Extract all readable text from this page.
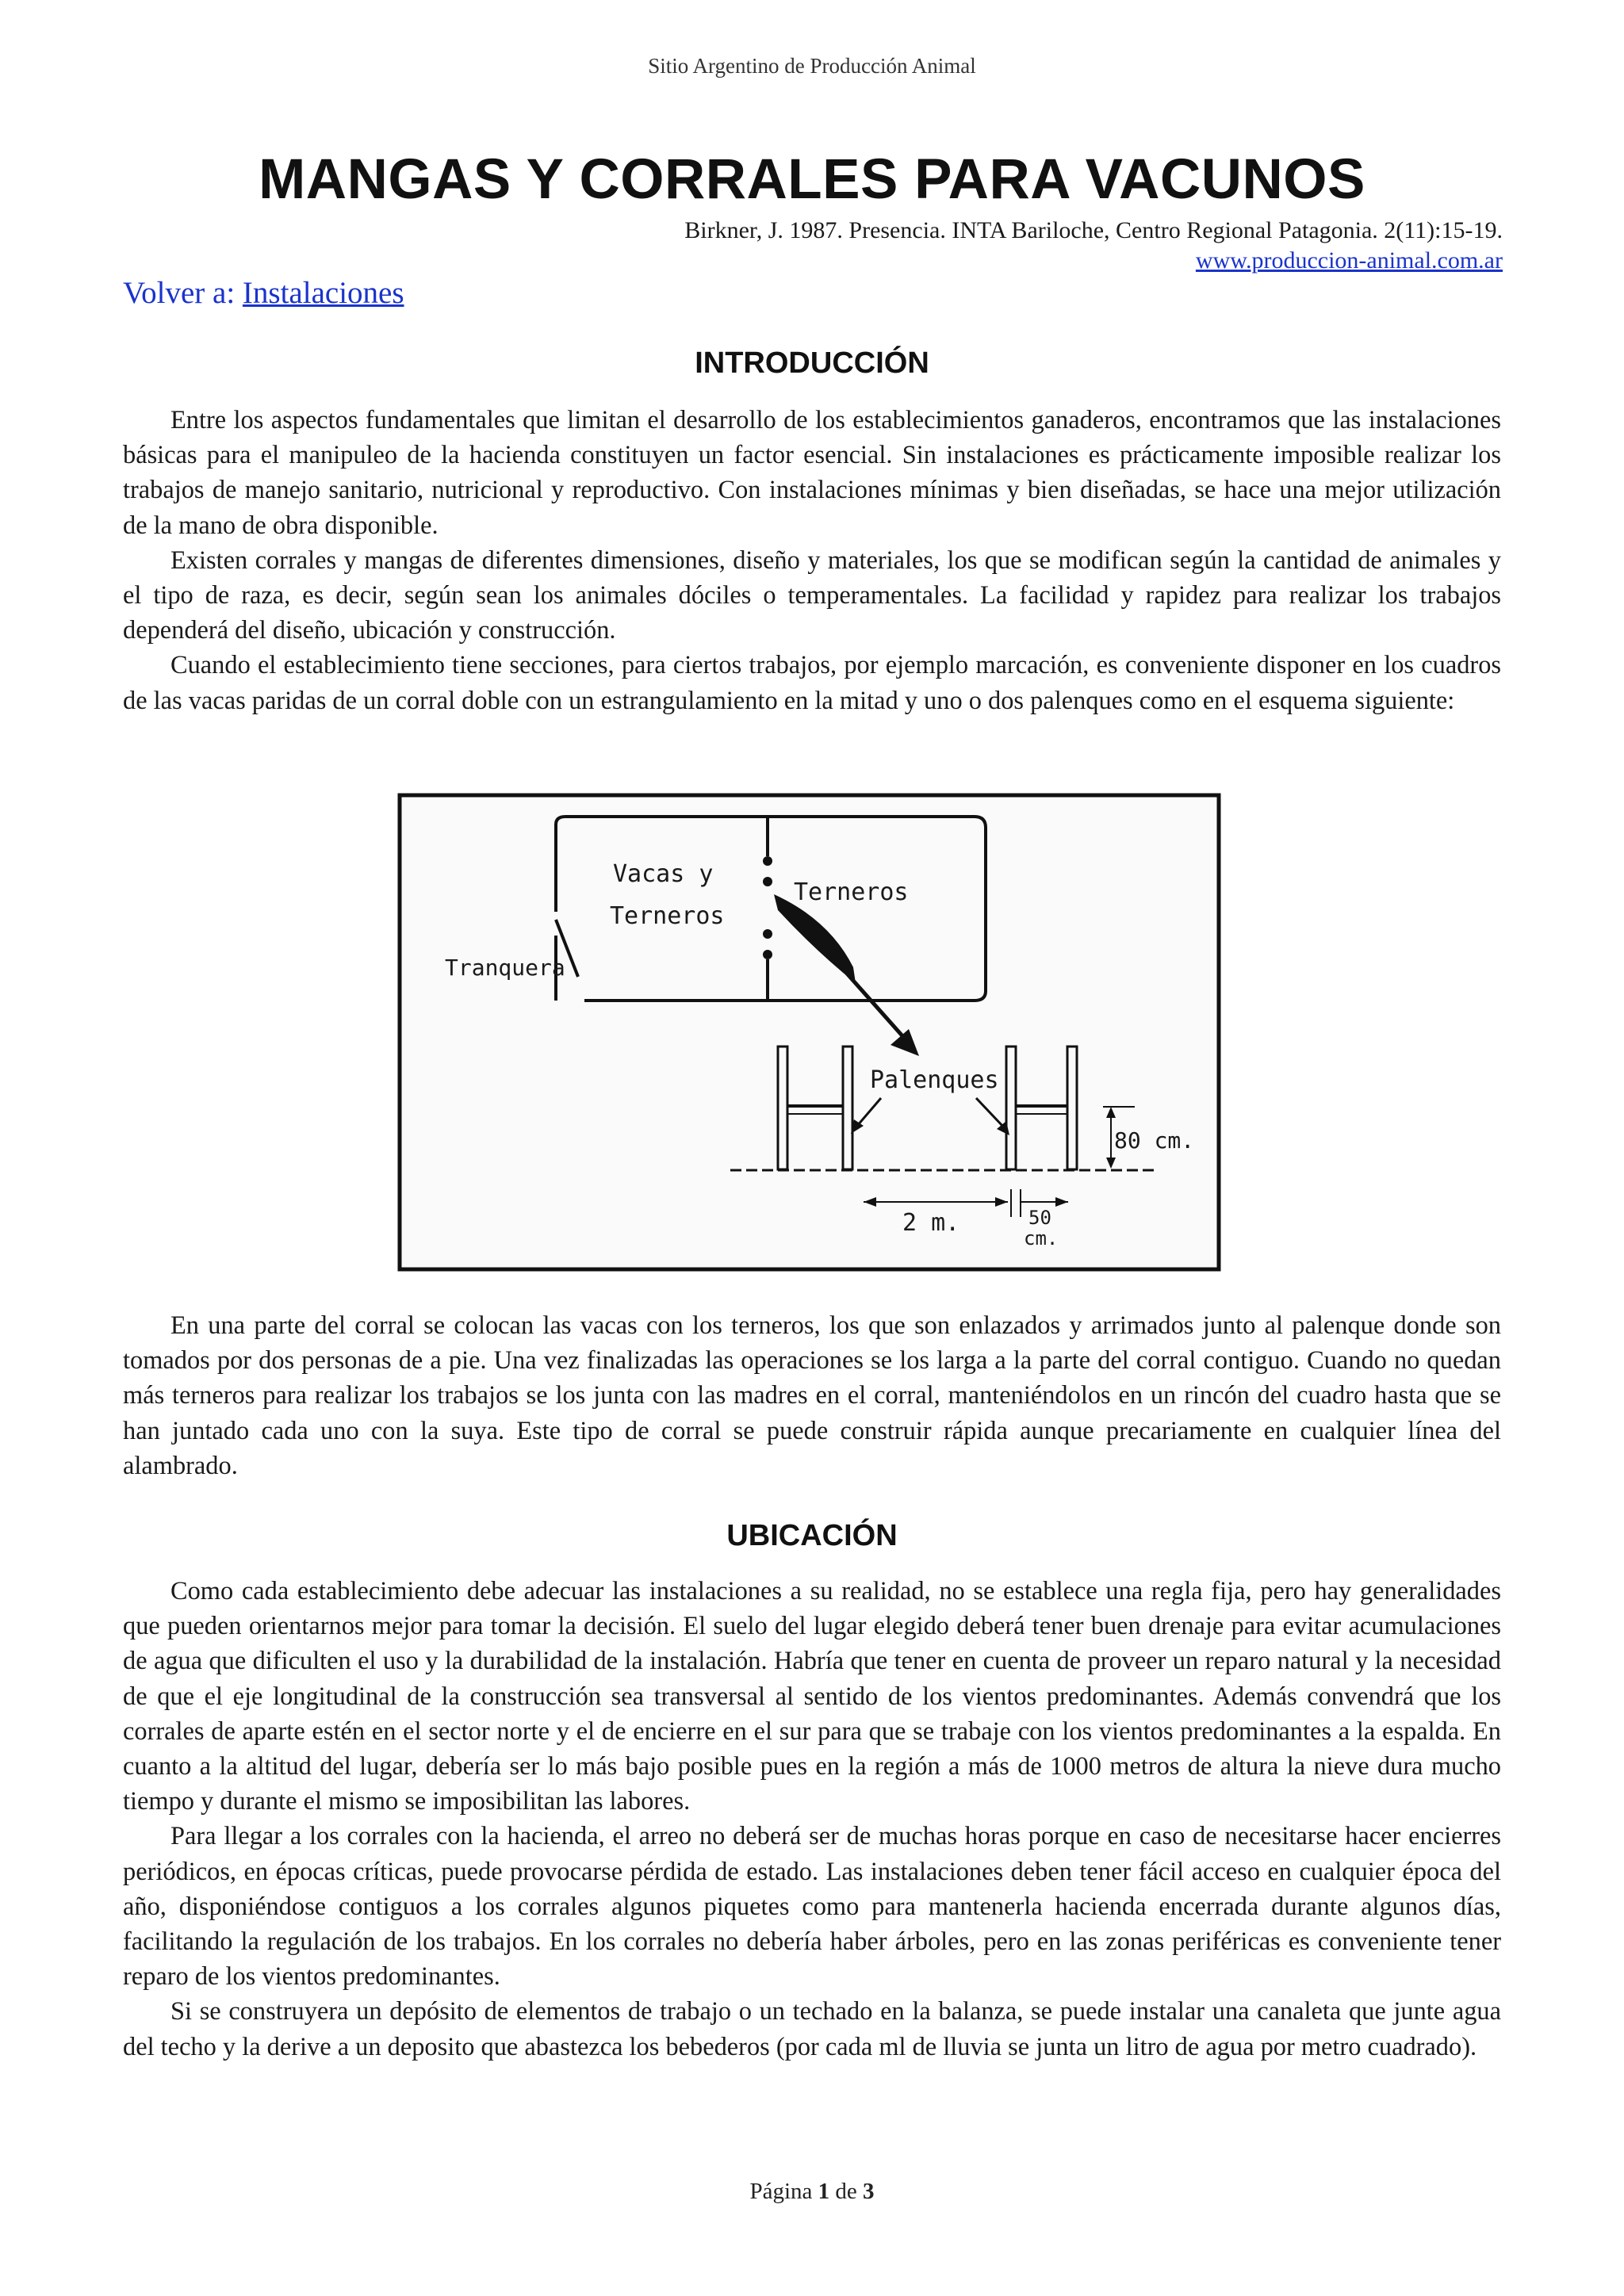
Sitio Argentino de Producción Animal
MANGAS Y CORRALES PARA VACUNOS
Birkner, J. 1987. Presencia. INTA Bariloche, Centro Regional Patagonia. 2(11):15-19.
www.produccion-animal.com.ar
Volver a: Instalaciones
INTRODUCCIÓN

Entre los aspectos fundamentales que limitan el desarrollo de los establecimientos ganaderos, encontramos que las instalaciones básicas para el manipuleo de la hacienda constituyen un factor esencial. Sin instalaciones es prácticamente imposible realizar los trabajos de manejo sanitario, nutricional y reproductivo. Con instalaciones mínimas y bien diseñadas, se hace una mejor utilización de la mano de obra disponible.

Existen corrales y mangas de diferentes dimensiones, diseño y materiales, los que se modifican según la cantidad de animales y el tipo de raza, es decir, según sean los animales dóciles o temperamentales. La facilidad y rapidez para realizar los trabajos dependerá del diseño, ubicación y construcción.

Cuando el establecimiento tiene secciones, para ciertos trabajos, por ejemplo marcación, es conveniente disponer en los cuadros de las vacas paridas de un corral doble con un estrangulamiento en la mitad y uno o dos palenques como en el esquema siguiente:

Vacas y
Terneros
Terneros
Tranquera
Palenques
80 cm.
2 m.	50
cm.

En una parte del corral se colocan las vacas con los terneros, los que son enlazados y arrimados junto al palenque donde son tomados por dos personas de a pie. Una vez finalizadas las operaciones se los larga a la parte del corral contiguo. Cuando no quedan más terneros para realizar los trabajos se los junta con las madres en el corral, manteniéndolos en un rincón del cuadro hasta que se han juntado cada uno con la suya. Este tipo de corral se puede construir rápida aunque precariamente en cualquier línea del alambrado.

UBICACIÓN

Como cada establecimiento debe adecuar las instalaciones a su realidad, no se establece una regla fija, pero hay generalidades que pueden orientarnos mejor para tomar la decisión. El suelo del lugar elegido deberá tener buen drenaje para evitar acumulaciones de agua que dificulten el uso y la durabilidad de la instalación. Habría que tener en cuenta de proveer un reparo natural y la necesidad de que el eje longitudinal de la construcción sea transversal al sentido de los vientos predominantes. Además convendrá que los corrales de aparte estén en el sector norte y el de encierre en el sur para que se trabaje con los vientos predominantes a la espalda. En cuanto a la altitud del lugar, debería ser lo más bajo posible pues en la región a más de 1000 metros de altura la nieve dura mucho tiempo y durante el mismo se imposibilitan las labores.

Para llegar a los corrales con la hacienda, el arreo no deberá ser de muchas horas porque en caso de necesitarse hacer encierres periódicos, en épocas críticas, puede provocarse pérdida de estado. Las instalaciones deben tener fácil acceso en cualquier época del año, disponiéndose contiguos a los corrales algunos piquetes como para mantenerla hacienda encerrada durante algunos días, facilitando la regulación de los trabajos. En los corrales no debería haber árboles, pero en las zonas periféricas es conveniente tener reparo de los vientos predominantes.

Si se construyera un depósito de elementos de trabajo o un techado en la balanza, se puede instalar una canaleta que junte agua del techo y la derive a un deposito que abastezca los bebederos (por cada ml de lluvia se junta un litro de agua por metro cuadrado).

Página 1 de 3
